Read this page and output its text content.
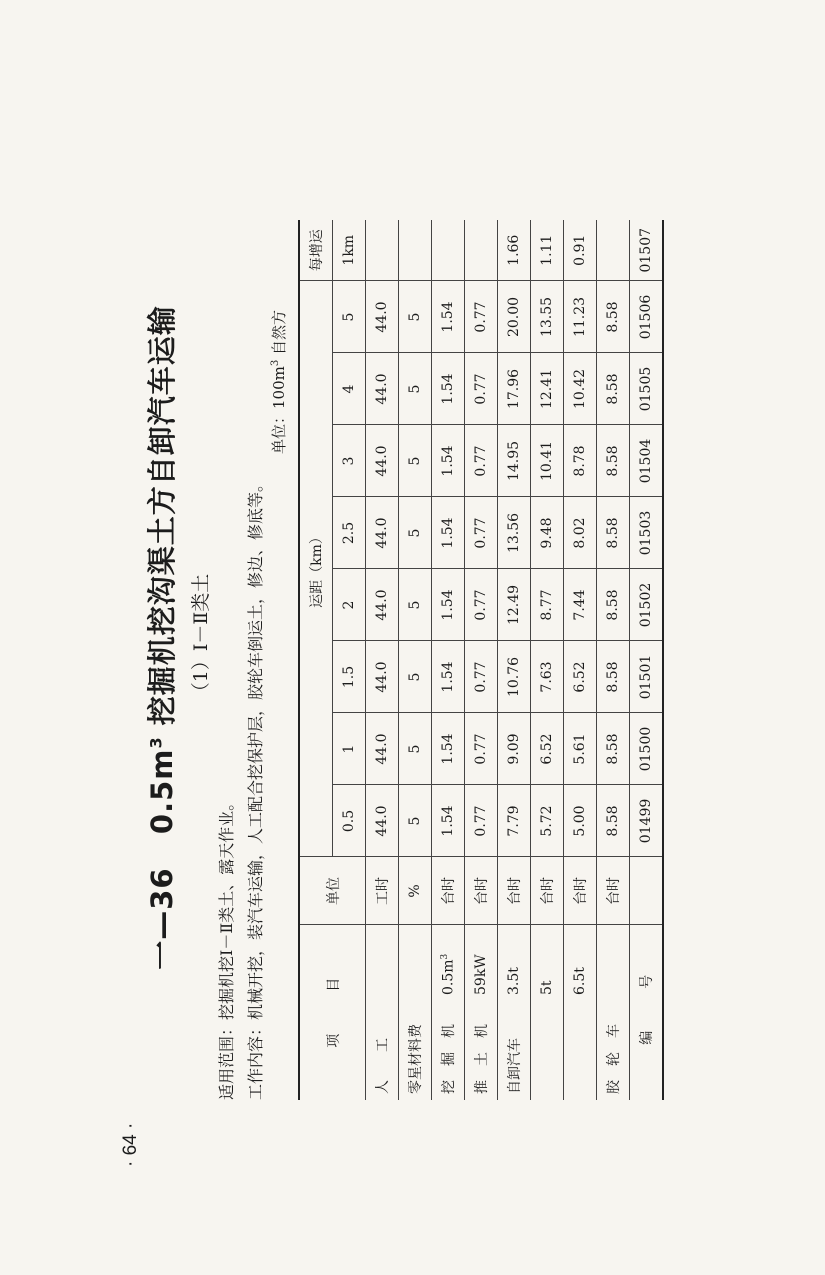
· 64 ·
一—36   $0.5m^3$ 挖掘机挖沟渠土方自卸汽车运输 （1）Ⅰ－Ⅱ类土
适用范围：挖掘机挖Ⅰ－Ⅱ类土、露天作业。 工作内容：机械开挖，装汽车运输，人工配合挖保护层，胶轮车倒运土，修边、修底等。
单位：$100m^3$ 自然方
项　　　目		单位	运距（km）								每增运
			0.5	1	1.5	2	2.5	3	4	5	1km
人　　工		工时	44.0	44.0	44.0	44.0	44.0	44.0	44.0	44.0	
零星材料费		%	5	5	5	5	5	5	5	5	
挖　掘　机	$0.5m^3$	台时	1.54	1.54	1.54	1.54	1.54	1.54	1.54	1.54	
推　土　机	59kW	台时	0.77	0.77	0.77	0.77	0.77	0.77	0.77	0.77	
自卸汽车	3.5t	台时	7.79	9.09	10.76	12.49	13.56	14.95	17.96	20.00	1.66
	5t	台时	5.72	6.52	7.63	8.77	9.48	10.41	12.41	13.55	1.11
	6.5t	台时	5.00	5.61	6.52	7.44	8.02	8.78	10.42	11.23	0.91
胶　轮　车		台时	8.58	8.58	8.58	8.58	8.58	8.58	8.58	8.58	
编　　　号			01499	01500	01501	01502	01503	01504	01505	01506	01507
